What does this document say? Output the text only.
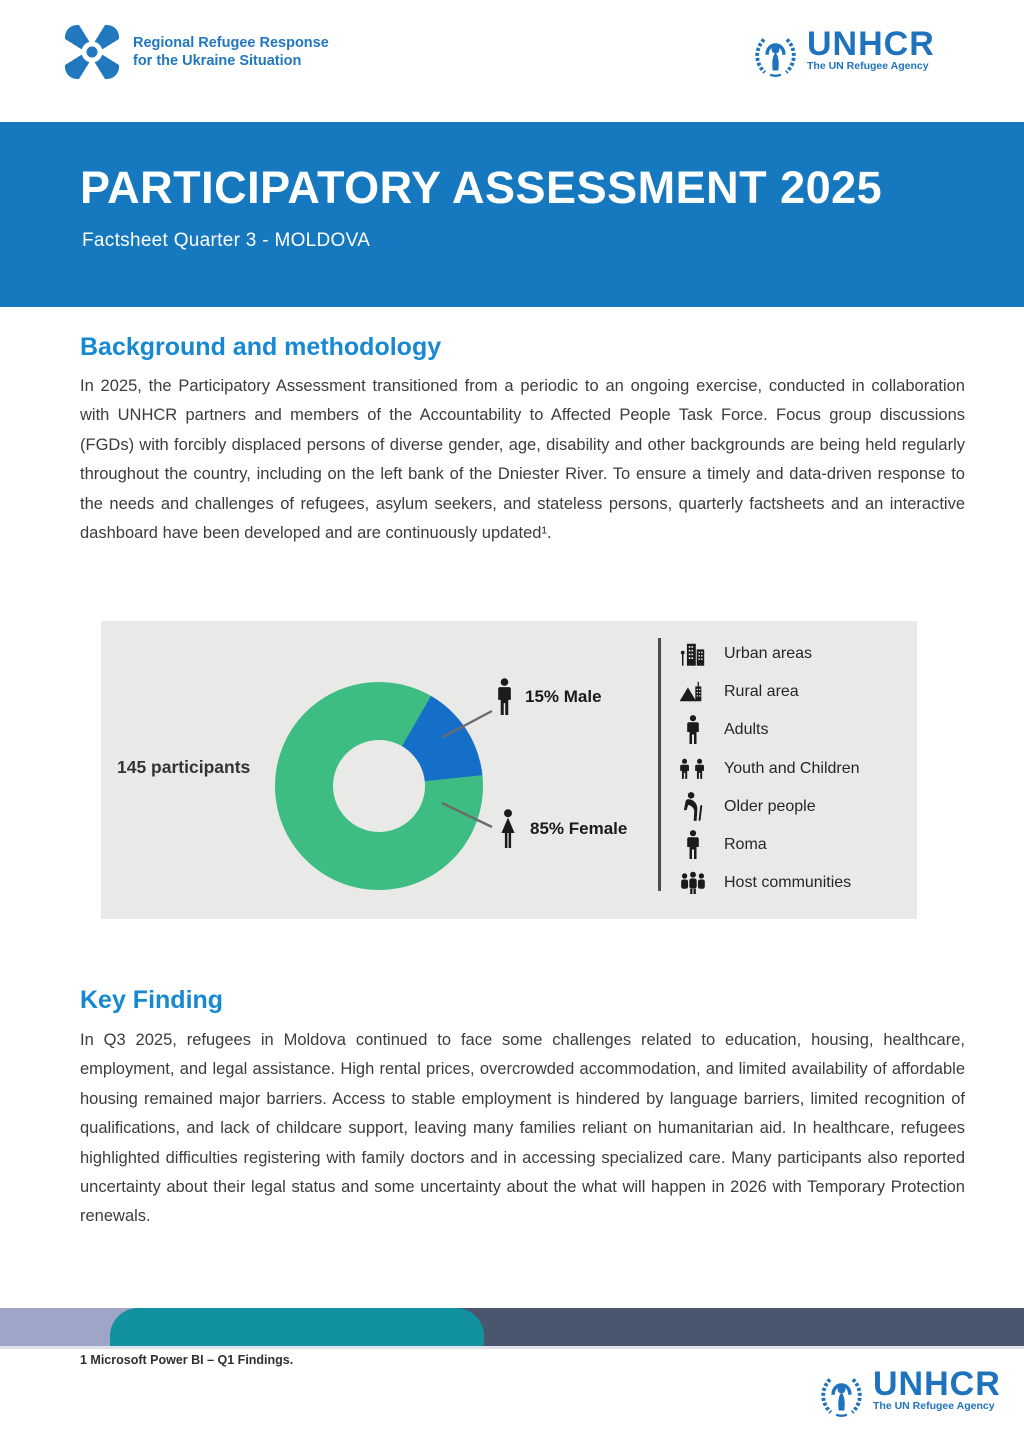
Regional Refugee Response
for the Ukraine Situation	UNHCR
The UN Refugee Agency
PARTICIPATORY ASSESSMENT 2025
Factsheet Quarter 3 - MOLDOVA
Background and methodology
In 2025, the Participatory Assessment transitioned from a periodic to an ongoing exercise, conducted in collaboration with UNHCR partners and members of the Accountability to Affected People Task Force. Focus group discussions (FGDs) with forcibly displaced persons of diverse gender, age, disability and other backgrounds are being held regularly throughout the country, including on the left bank of the Dniester River. To ensure a timely and data-driven response to the needs and challenges of refugees, asylum seekers, and stateless persons, quarterly factsheets and an interactive dashboard have been developed and are continuously updated¹.
145 participants
15% Male
85% Female
Urban areas
Rural area
Adults
Youth and Children
Older people
Roma
Host communities
Key Finding
In Q3 2025, refugees in Moldova continued to face some challenges related to education, housing, healthcare, employment, and legal assistance. High rental prices, overcrowded accommodation, and limited availability of affordable housing remained major barriers. Access to stable employment is hindered by language barriers, limited recognition of qualifications, and lack of childcare support, leaving many families reliant on humanitarian aid. In healthcare, refugees highlighted difficulties registering with family doctors and in accessing specialized care. Many participants also reported uncertainty about their legal status and some uncertainty about the what will happen in 2026 with Temporary Protection renewals.
1 Microsoft Power BI – Q1 Findings.
UNHCR
The UN Refugee Agency
